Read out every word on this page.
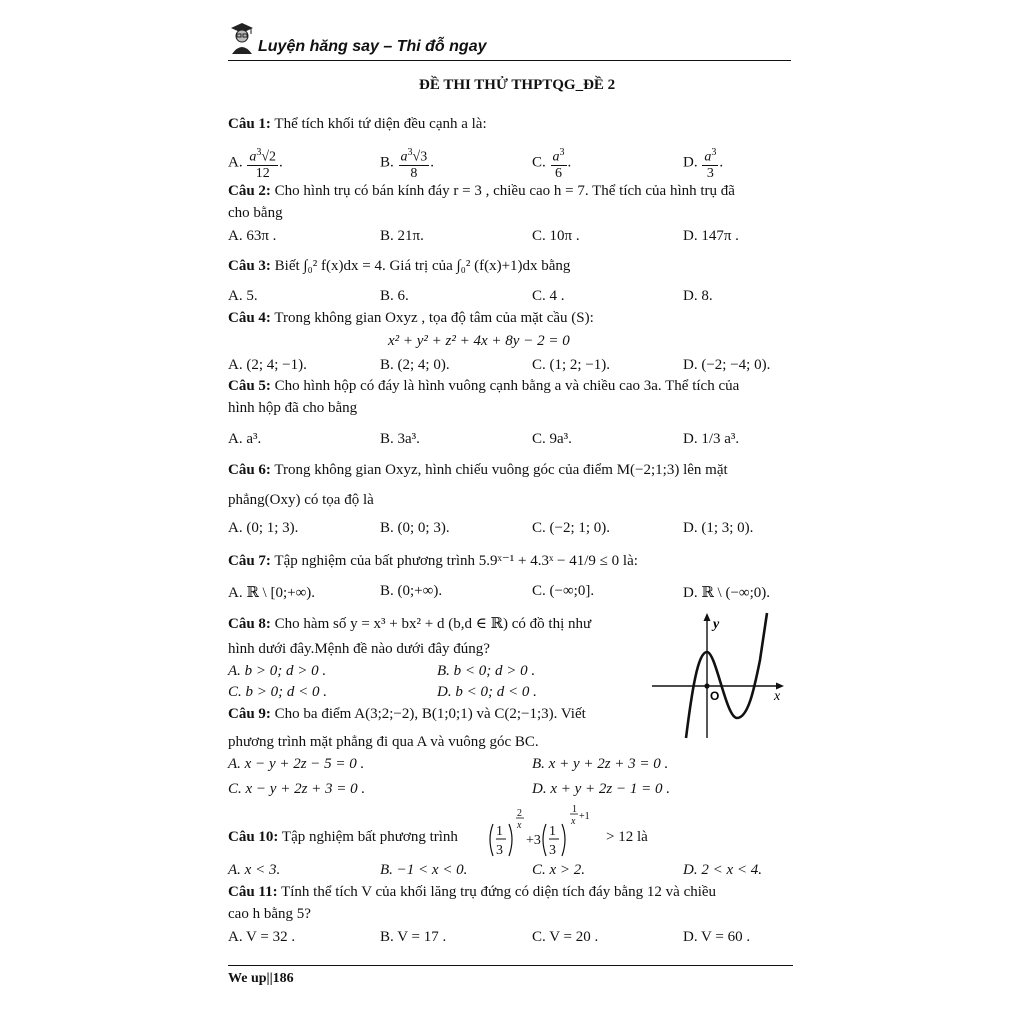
Luyện hăng say – Thi đỗ ngay
ĐỀ THI THỬ THPTQG_ĐỀ 2
Câu 1: Thể tích khối tứ diện đều cạnh a là:
A. $\frac{a^3√2}{12}$ .	B. $\frac{a^3√3}{8}$ .	C. $\frac{a^3}{6}$ .	D. $\frac{a^3}{3}$ .
Câu 2: Cho hình trụ có bán kính đáy r = 3 , chiều cao h = 7. Thể tích của hình trụ đã
cho bằng
A. 63π .	B. 21π.	C. 10π .	D. 147π .
Câu 3: Biết ∫₀² f(x)dx = 4. Giá trị của ∫₀² (f(x)+1)dx bằng
A. 5.	B. 6.	C. 4 .	D. 8.
Câu 4: Trong không gian Oxyz , tọa độ tâm của mặt cầu (S):
x² + y² + z² + 4x + 8y − 2 = 0
A. (2; 4; −1).	B. (2; 4; 0).	C. (1; 2; −1).	D. (−2; −4; 0).
Câu 5: Cho hình hộp có đáy là hình vuông cạnh bằng a và chiều cao 3a. Thể tích của
hình hộp đã cho bằng
A. a³.	B. 3a³.	C. 9a³.	D. 1/3 a³.
Câu 6: Trong không gian Oxyz, hình chiếu vuông góc của điểm M(−2;1;3) lên mặt
phẳng(Oxy) có tọa độ là
A. (0; 1; 3).	B. (0; 0; 3).	C. (−2; 1; 0).	D. (1; 3; 0).
Câu 7: Tập nghiệm của bất phương trình 5.9ˣ⁻¹ + 4.3ˣ − 41/9 ≤ 0 là:
A. ℝ \ [0;+∞).	B. (0;+∞).	C. (−∞;0].	D. ℝ \ (−∞;0).
Câu 8: Cho hàm số y = x³ + bx² + d (b,d ∈ ℝ) có đồ thị như
hình dưới đây.Mệnh đề nào dưới đây đúng?
A. b > 0; d > 0 .	B. b < 0; d > 0 .
C. b > 0; d < 0 .	D. b < 0; d < 0 .
y
x
O
Câu 9: Cho ba điểm A(3;2;−2), B(1;0;1) và C(2;−1;3). Viết
phương trình mặt phẳng đi qua A và vuông góc BC.
A. x − y + 2z − 5 = 0 .	B. x + y + 2z + 3 = 0 .
C. x − y + 2z + 3 = 0 .	D. x + y + 2z − 1 = 0 .
Câu 10: Tập nghiệm bất phương trình	1
3
2
x
+3
1
3
1
x +1
> 12 là
A. x < 3.	B. −1 < x < 0.	C. x > 2.	D. 2 < x < 4.
Câu 11: Tính thể tích V của khối lăng trụ đứng có diện tích đáy bằng 12 và chiều
cao h bằng 5?
A. V = 32 .	B. V = 17 .	C. V = 20 .	D. V = 60 .
We up||186
